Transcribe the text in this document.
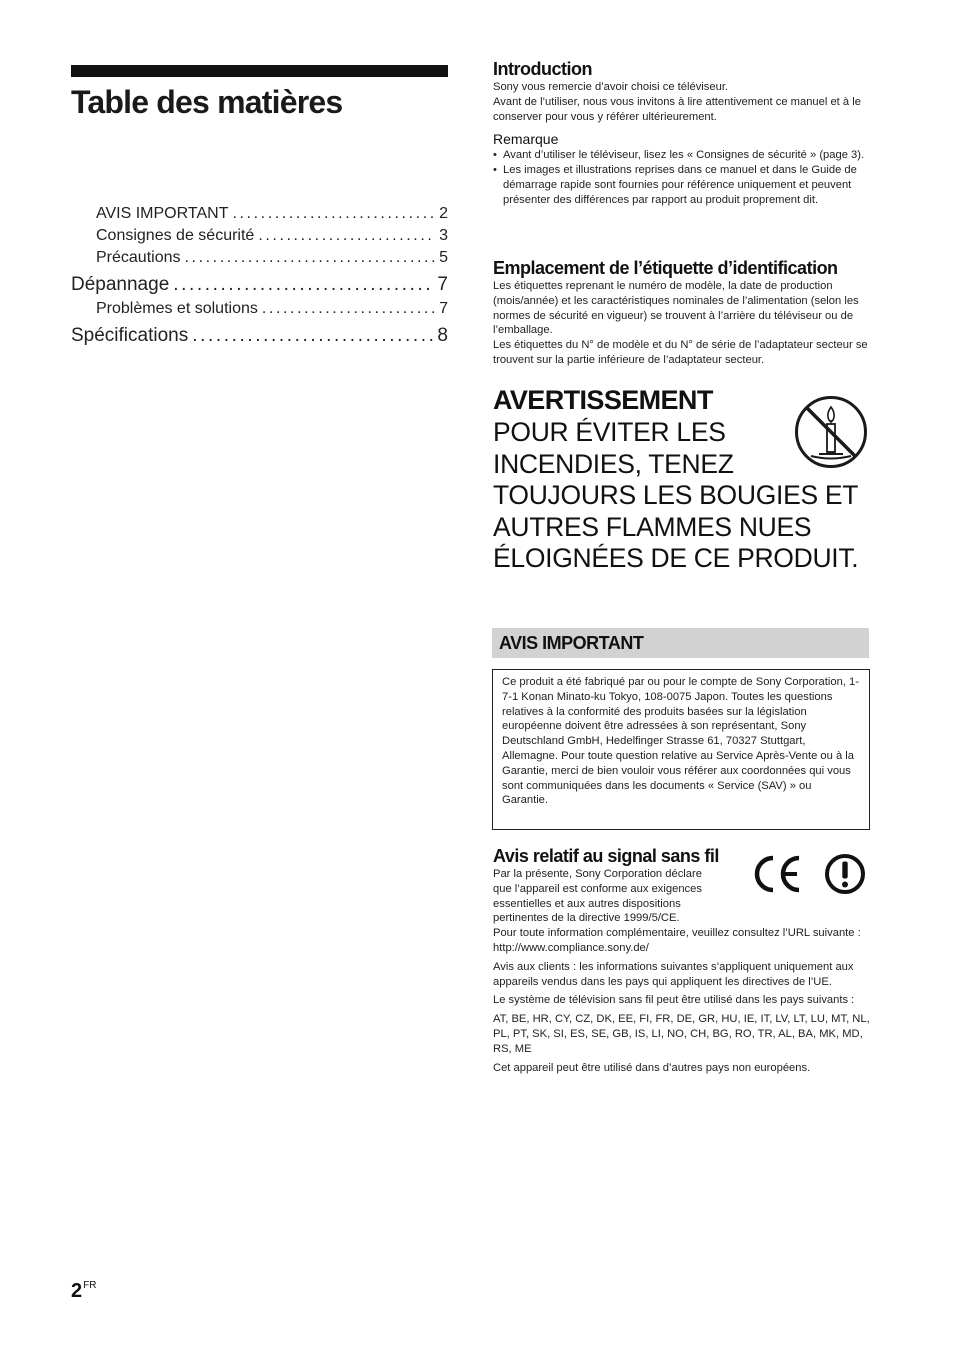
Table des matières
AVIS IMPORTANT .....	2
Consignes de sécurité .....	3
Précautions .....	5
Dépannage .....	7
Problèmes et solutions .....	7
Spécifications .....	8
Introduction

Sony vous remercie d’avoir choisi ce téléviseur.

Avant de l’utiliser, nous vous invitons à lire attentivement ce manuel et à le conserver pour vous y référer ultérieurement.

Remarque

• Avant d’utiliser le téléviseur, lisez les « Consignes de sécurité » (page 3).
• Les images et illustrations reprises dans ce manuel et dans le Guide de démarrage rapide sont fournies pour référence uniquement et peuvent présenter des différences par rapport au produit proprement dit.
Emplacement de l’étiquette d’identification

Les étiquettes reprenant le numéro de modèle, la date de production (mois/année) et les caractéristiques nominales de l’alimentation (selon les normes de sécurité en vigueur) se trouvent à l’arrière du téléviseur ou de l’emballage.

Les étiquettes du N° de modèle et du N° de série de l’adaptateur secteur se trouvent sur la partie inférieure de l’adaptateur secteur.

AVERTISSEMENT
POUR ÉVITER LES
INCENDIES, TENEZ
TOUJOURS LES BOUGIES ET
AUTRES FLAMMES NUES
ÉLOIGNÉES DE CE PRODUIT.
AVIS IMPORTANT
Ce produit a été fabriqué par ou pour le compte de Sony Corporation, 1-7-1 Konan Minato-ku Tokyo, 108-0075 Japon. Toutes les questions relatives à la conformité des produits basées sur la législation européenne doivent être adressées à son représentant, Sony Deutschland GmbH, Hedelfinger Strasse 61, 70327 Stuttgart, Allemagne. Pour toute question relative au Service Après-Vente ou à la Garantie, merci de bien vouloir vous référer aux coordonnées qui vous sont communiquées dans les documents « Service (SAV) » ou Garantie.
Avis relatif au signal sans fil
Par la présente, Sony Corporation déclare
que l’appareil est conforme aux exigences
essentielles et aux autres dispositions
pertinentes de la directive 1999/5/CE.

Pour toute information complémentaire, veuillez consultez l’URL suivante :

http://www.compliance.sony.de/

Avis aux clients : les informations suivantes s’appliquent uniquement aux appareils vendus dans les pays qui appliquent les directives de l’UE.

Le système de télévision sans fil peut être utilisé dans les pays suivants :

AT, BE, HR, CY, CZ, DK, EE, FI, FR, DE, GR, HU, IE, IT, LV, LT, LU, MT, NL, PL, PT, SK, SI, ES, SE, GB, IS, LI, NO, CH, BG, RO, TR, AL, BA, MK, MD, RS, ME

Cet appareil peut être utilisé dans d’autres pays non européens.

$2^{FR}$
